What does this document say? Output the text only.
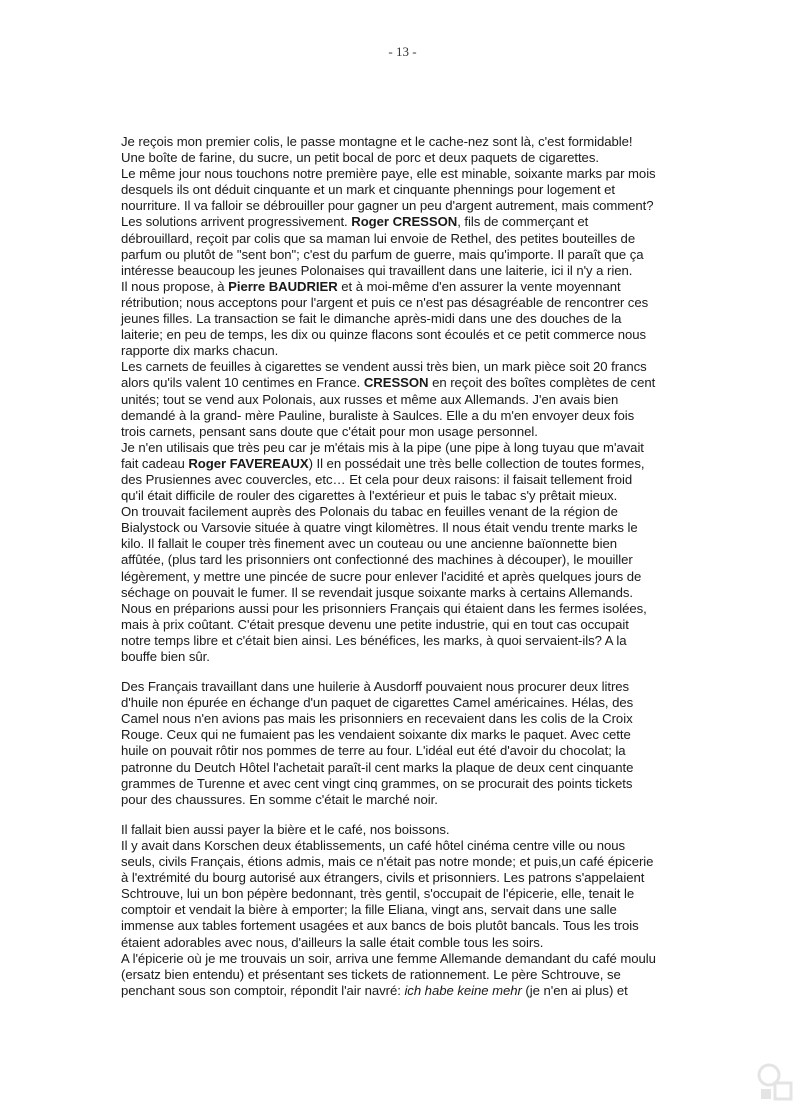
- 13 -
Je reçois mon premier colis, le passe montagne et le cache-nez sont là, c'est formidable!
Une boîte de farine, du sucre, un petit bocal de porc et deux paquets de cigarettes.
Le même jour nous touchons notre première paye, elle est minable, soixante marks par mois
desquels ils ont déduit cinquante et un mark et cinquante phennings pour logement et
nourriture. Il va falloir se débrouiller pour gagner un peu d'argent autrement, mais comment?
Les solutions arrivent progressivement. Roger CRESSON, fils de commerçant et
débrouillard, reçoit par colis que sa maman lui envoie de Rethel, des petites bouteilles de
parfum ou plutôt de "sent bon"; c'est du parfum de guerre, mais qu'importe. Il paraît que ça
intéresse beaucoup les jeunes Polonaises qui travaillent dans une laiterie, ici il n'y a rien.
Il nous propose, à Pierre BAUDRIER et à moi-même d'en assurer la vente moyennant
rétribution; nous acceptons pour l'argent et puis ce n'est pas désagréable de rencontrer ces
jeunes filles. La transaction se fait le dimanche après-midi dans une des douches de la
laiterie; en peu de temps, les dix ou quinze flacons sont écoulés et ce petit commerce nous
rapporte dix marks chacun.
Les carnets de feuilles à cigarettes se vendent aussi très bien, un mark pièce soit 20 francs
alors qu'ils valent 10 centimes en France. CRESSON en reçoit des boîtes complètes de cent
unités; tout se vend aux Polonais, aux russes et même aux Allemands. J'en avais bien
demandé à la grand- mère Pauline, buraliste à Saulces. Elle a du m'en envoyer deux fois
trois carnets, pensant sans doute que c'était pour mon usage personnel.
Je n'en utilisais que très peu car je m'étais mis à la pipe (une pipe à long tuyau que m'avait
fait cadeau Roger FAVEREAUX) Il en possédait une très belle collection de toutes formes,
des Prusiennes avec couvercles, etc… Et cela pour deux raisons: il faisait tellement froid
qu'il était difficile de rouler des cigarettes à l'extérieur et puis le tabac s'y prêtait mieux.
On trouvait facilement auprès des Polonais du tabac en feuilles venant de la région de
Bialystock ou Varsovie située à quatre vingt kilomètres. Il nous était vendu trente marks le
kilo. Il fallait le couper très finement avec un couteau ou une ancienne baïonnette bien
affûtée, (plus tard les prisonniers ont confectionné des machines à découper), le mouiller
légèrement, y mettre une pincée de sucre pour enlever l'acidité et après quelques jours de
séchage on pouvait le fumer. Il se revendait jusque soixante marks à certains Allemands.
Nous en préparions aussi pour les prisonniers Français qui étaient dans les fermes isolées,
mais à prix coûtant. C'était presque devenu une petite industrie, qui en tout cas occupait
notre temps libre et c'était bien ainsi. Les bénéfices, les marks, à quoi servaient-ils? A la
bouffe bien sûr.
Des Français travaillant dans une huilerie à Ausdorff pouvaient nous procurer deux litres
d'huile non épurée en échange d'un paquet de cigarettes Camel américaines. Hélas, des
Camel nous n'en avions pas mais les prisonniers en recevaient dans les colis de la Croix
Rouge. Ceux qui ne fumaient pas les vendaient soixante dix marks le paquet. Avec cette
huile on pouvait rôtir nos pommes de terre au four. L'idéal eut été d'avoir du chocolat; la
patronne du Deutch Hôtel l'achetait paraît-il cent marks la plaque de deux cent cinquante
grammes de Turenne et avec cent vingt cinq grammes, on se procurait des points tickets
pour des chaussures. En somme c'était le marché noir.
Il fallait bien aussi payer la bière et le café, nos boissons.
Il y avait dans Korschen deux établissements, un café hôtel cinéma centre ville ou nous
seuls, civils Français, étions admis, mais ce n'était pas notre monde; et puis,un café épicerie
à l'extrémité du bourg autorisé aux étrangers, civils et prisonniers. Les patrons s'appelaient
Schtrouve, lui un bon pépère bedonnant, très gentil, s'occupait de l'épicerie, elle, tenait le
comptoir et vendait la bière à emporter; la fille Eliana, vingt ans, servait dans une salle
immense aux tables fortement usagées et aux bancs de bois plutôt bancals. Tous les trois
étaient adorables avec nous, d'ailleurs la salle était comble tous les soirs.
A l'épicerie où je me trouvais un soir, arriva une femme Allemande demandant du café moulu
(ersatz bien entendu) et présentant ses tickets de rationnement. Le père Schtrouve, se
penchant sous son comptoir, répondit l'air navré: ich habe keine mehr (je n'en ai plus) et
